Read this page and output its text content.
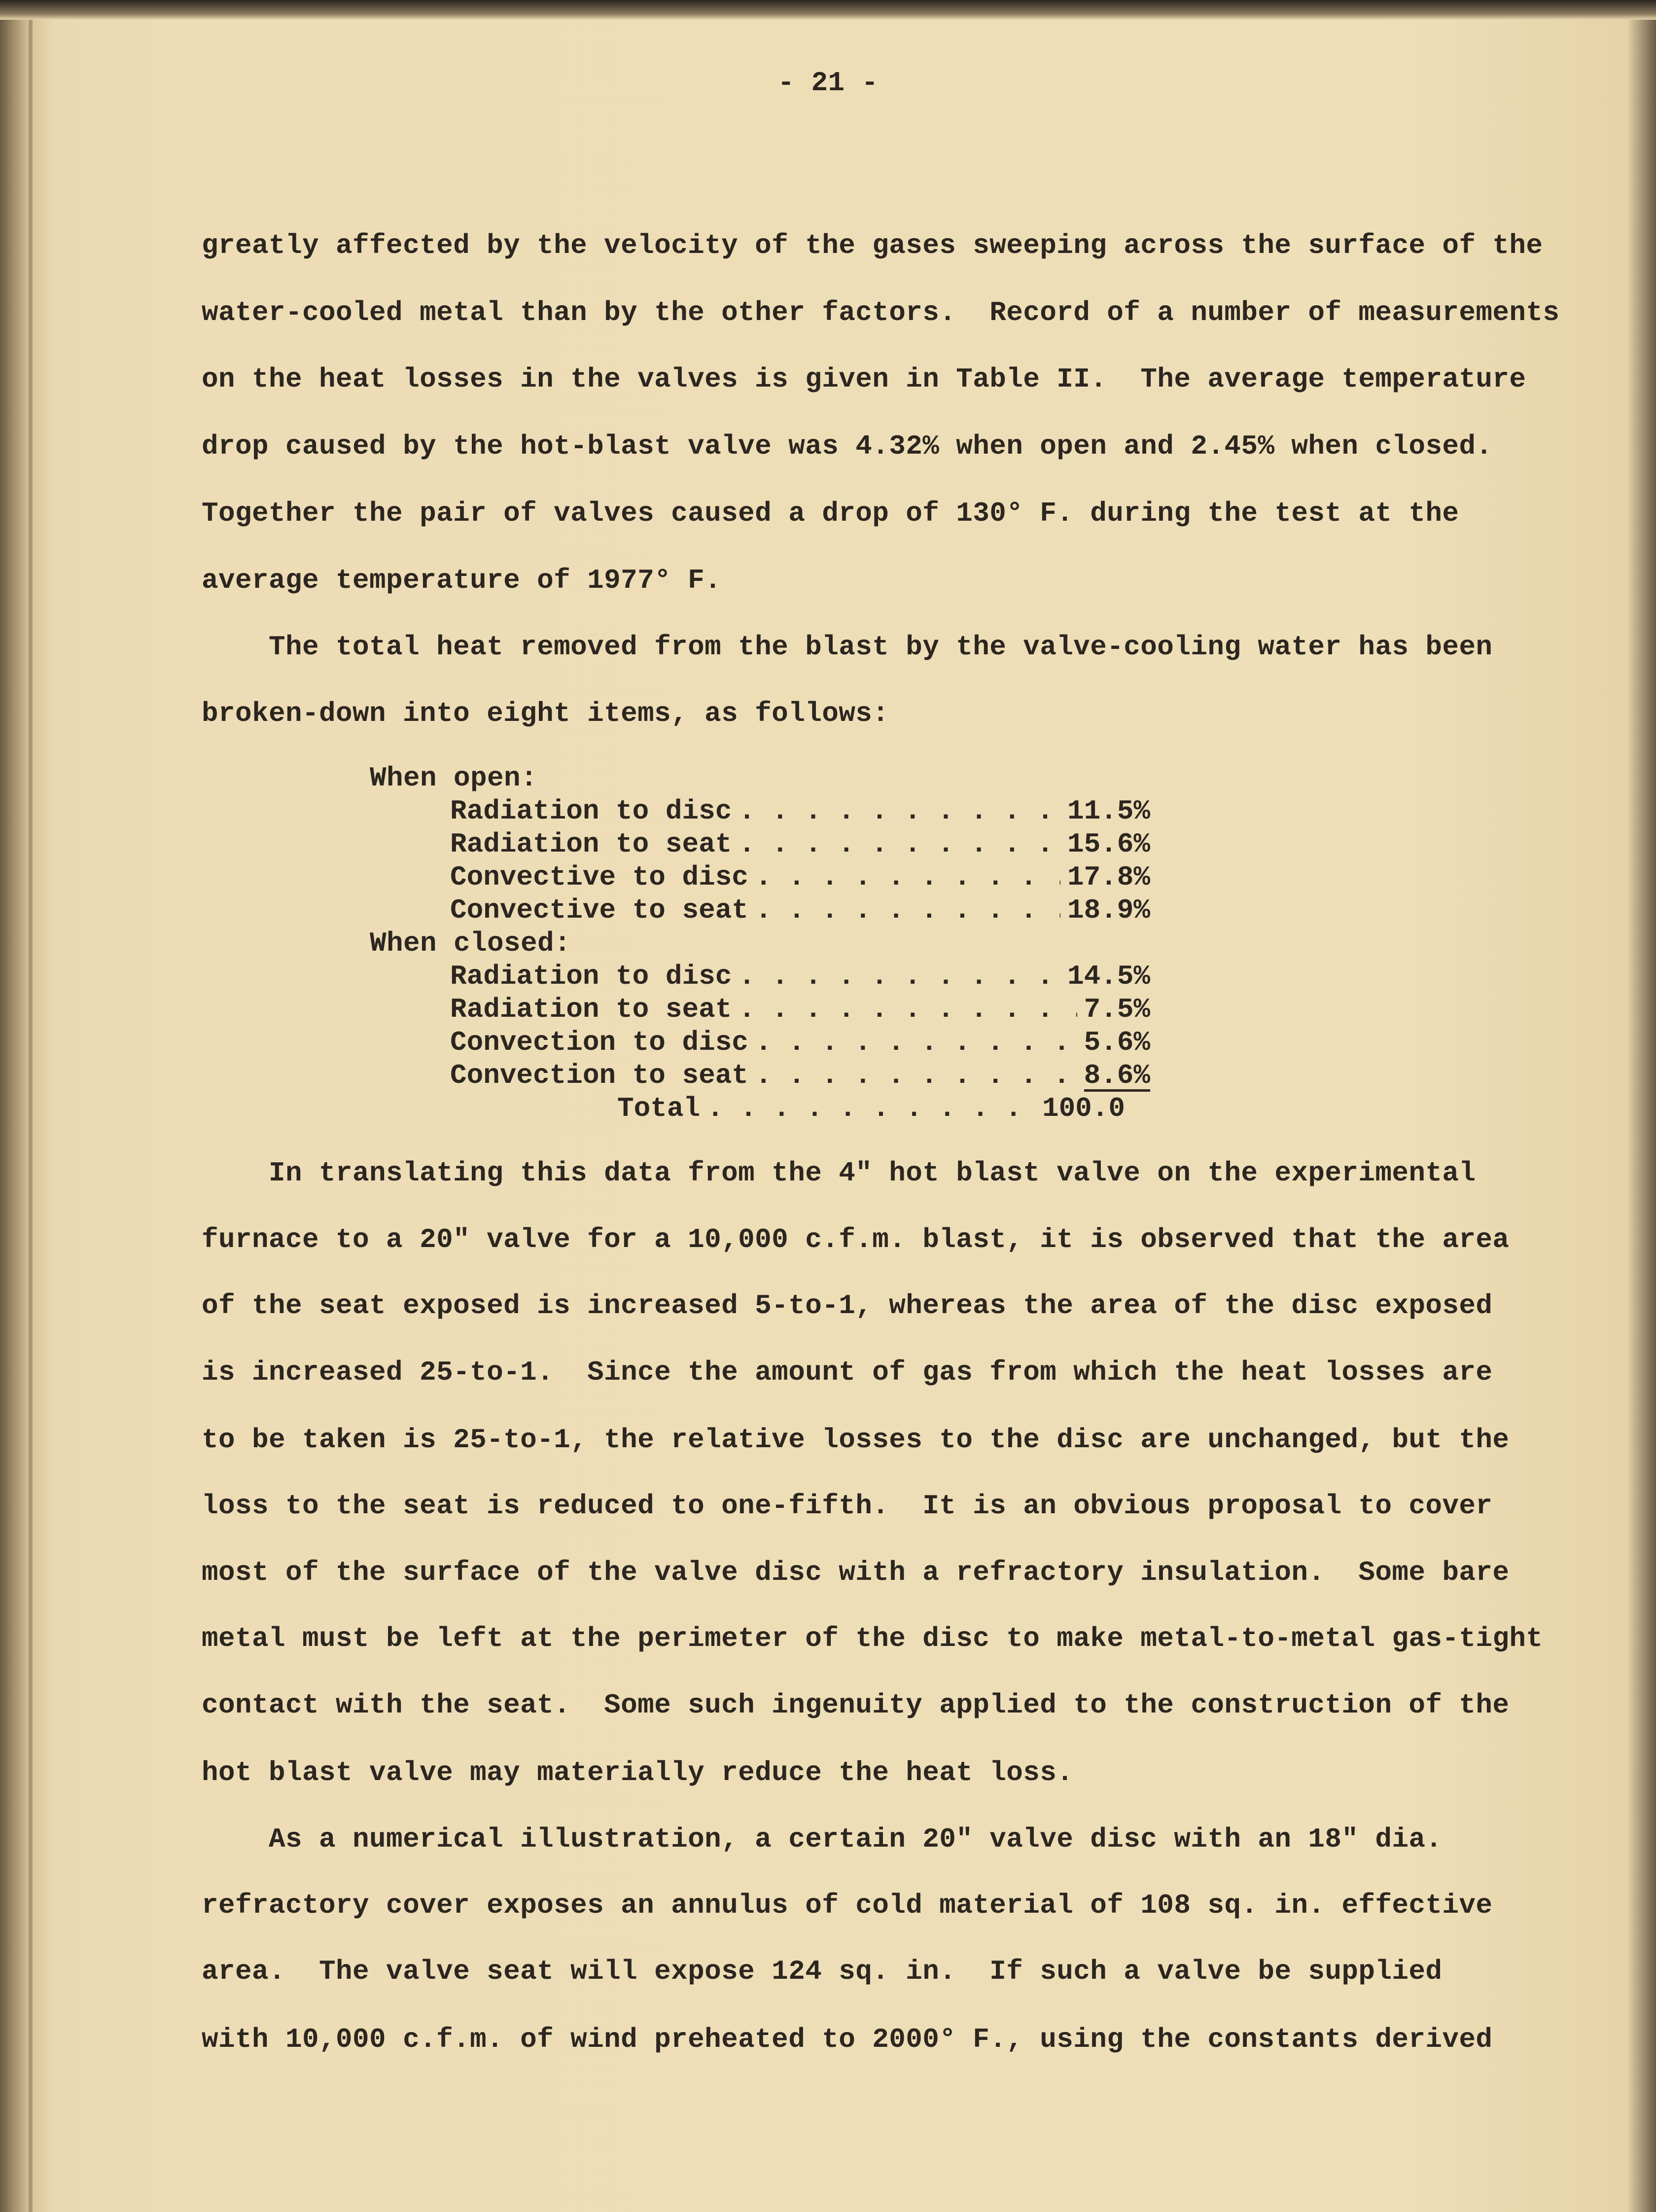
- 21 -
greatly affected by the velocity of the gases sweeping across the surface of the
water-cooled metal than by the other factors.  Record of a number of measurements
on the heat losses in the valves is given in Table II.  The average temperature
drop caused by the hot-blast valve was 4.32% when open and 2.45% when closed.
Together the pair of valves caused a drop of 130° F. during the test at the
average temperature of 1977° F.
The total heat removed from the blast by the valve-cooling water has been
broken-down into eight items, as follows:
When open:
Radiation to disc . . .	11.5%
Radiation to seat . . .	15.6%
Convective to disc . . .	17.8%
Convective to seat . . .	18.9%
When closed:
Radiation to disc . . .	14.5%
Radiation to seat . . .	7.5%
Convection to disc . . .	5.6%
Convection to seat . . .	8.6%
Total . . .	100.0
In translating this data from the 4" hot blast valve on the experimental
furnace to a 20" valve for a 10,000 c.f.m. blast, it is observed that the area
of the seat exposed is increased 5-to-1, whereas the area of the disc exposed
is increased 25-to-1.  Since the amount of gas from which the heat losses are
to be taken is 25-to-1, the relative losses to the disc are unchanged, but the
loss to the seat is reduced to one-fifth.  It is an obvious proposal to cover
most of the surface of the valve disc with a refractory insulation.  Some bare
metal must be left at the perimeter of the disc to make metal-to-metal gas-tight
contact with the seat.  Some such ingenuity applied to the construction of the
hot blast valve may materially reduce the heat loss.
As a numerical illustration, a certain 20" valve disc with an 18" dia.
refractory cover exposes an annulus of cold material of 108 sq. in. effective
area.  The valve seat will expose 124 sq. in.  If such a valve be supplied
with 10,000 c.f.m. of wind preheated to 2000° F., using the constants derived
